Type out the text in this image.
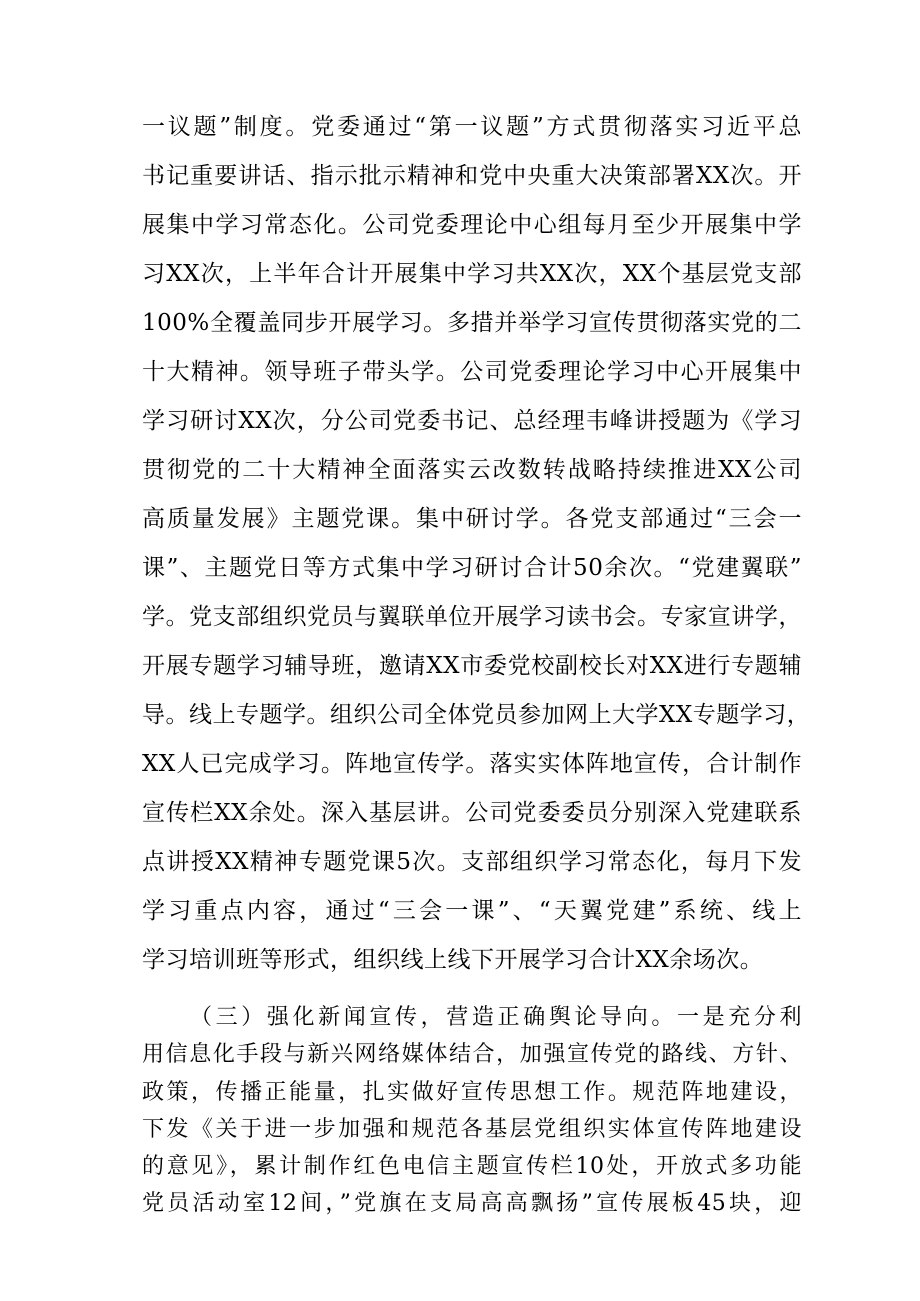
一议题”制度。党委通过“第一议题”方式贯彻落实习近平总
书记重要讲话、指示批示精神和党中央重大决策部署XX次。开
展集中学习常态化。公司党委理论中心组每月至少开展集中学
习XX次，上半年合计开展集中学习共XX次，XX个基层党支部
100%全覆盖同步开展学习。多措并举学习宣传贯彻落实党的二
十大精神。领导班子带头学。公司党委理论学习中心开展集中
学习研讨XX次，分公司党委书记、总经理韦峰讲授题为《学习
贯彻党的二十大精神全面落实云改数转战略持续推进XX公司
高质量发展》主题党课。集中研讨学。各党支部通过“三会一
课”、主题党日等方式集中学习研讨合计50余次。“党建翼联”
学。党支部组织党员与翼联单位开展学习读书会。专家宣讲学，
开展专题学习辅导班，邀请XX市委党校副校长对XX进行专题辅
导。线上专题学。组织公司全体党员参加网上大学XX专题学习，
XX人已完成学习。阵地宣传学。落实实体阵地宣传，合计制作
宣传栏XX余处。深入基层讲。公司党委委员分别深入党建联系
点讲授XX精神专题党课5次。支部组织学习常态化，每月下发
学习重点内容，通过“三会一课”、“天翼党建”系统、线上
学习培训班等形式，组织线上线下开展学习合计XX余场次。
（三）强化新闻宣传，营造正确舆论导向。一是充分利
用信息化手段与新兴网络媒体结合，加强宣传党的路线、方针、
政策，传播正能量，扎实做好宣传思想工作。规范阵地建设，
下发《关于进一步加强和规范各基层党组织实体宣传阵地建设
的意见》，累计制作红色电信主题宣传栏10处，开放式多功能
党员活动室12间，”党旗在支局高高飘扬”宣传展板45块，迎
